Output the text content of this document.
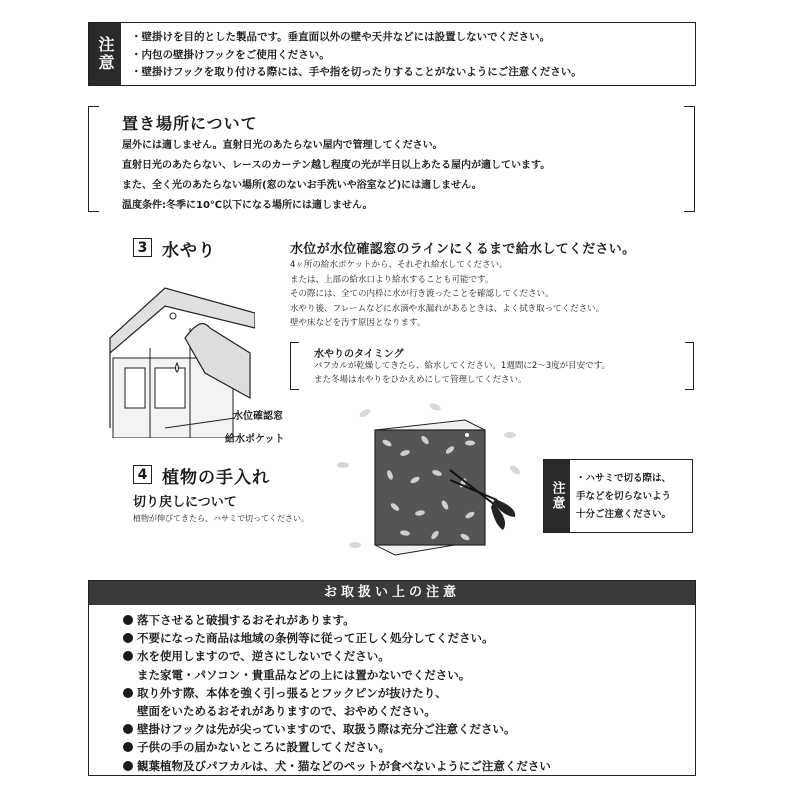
注意	・壁掛けを目的とした製品です。垂直面以外の壁や天井などには設置しないでください。
・内包の壁掛けフックをご使用ください。
・壁掛けフックを取り付ける際には、手や指を切ったりすることがないようにご注意ください。
置き場所について
屋外には適しません。直射日光のあたらない屋内で管理してください。
直射日光のあたらない、レースのカーテン越し程度の光が半日以上あたる屋内が適しています。
また、全く光のあたらない場所(窓のないお手洗いや浴室など)には適しません。
温度条件:冬季に10℃以下になる場所には適しません。
3 水やり
水位確認窓
給水ポケット
水位が水位確認窓のラインにくるまで給水してください。
4ヶ所の給水ポケットから、それぞれ給水してください。
または、上部の給水口より給水することも可能です。
その際には、全ての内枠に水が行き渡ったことを確認してください。
水やり後、フレームなどに水滴や水漏れがあるときは、よく拭き取ってください。
壁や床などを汚す原因となります。
水やりのタイミング
パフカルが乾燥してきたら、給水してください。1週間に2〜3度が目安です。
また冬場は水やりをひかえめにして管理してください。
4 植物の手入れ
切り戻しについて
植物が伸びてきたら、ハサミで切ってください。
注意
・ハサミで切る際は、
手などを切らないよう
十分ご注意ください。
お取扱い上の注意
落下させると破損するおそれがあります。
不要になった商品は地域の条例等に従って正しく処分してください。
水を使用しますので、逆さにしないでください。
また家電・パソコン・貴重品などの上には置かないでください。
取り外す際、本体を強く引っ張るとフックピンが抜けたり、
壁面をいためるおそれがありますので、おやめください。
壁掛けフックは先が尖っていますので、取扱う際は充分ご注意ください。
子供の手の届かないところに設置してください。
観葉植物及びパフカルは、犬・猫などのペットが食べないようにご注意ください
